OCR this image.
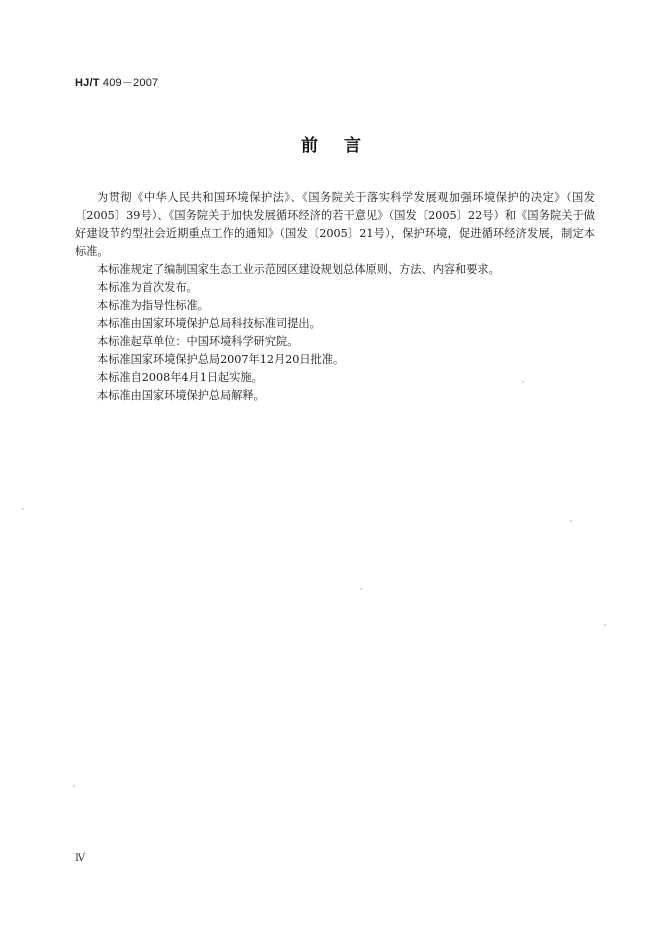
HJ/T 409－2007
前言

为贯彻《中华人民共和国环境保护法》、《国务院关于落实科学发展观加强环境保护的决定》（国发〔2005〕39号）、《国务院关于加快发展循环经济的若干意见》（国发〔2005〕22号）和《国务院关于做好建设节约型社会近期重点工作的通知》（国发〔2005〕21号），保护环境，促进循环经济发展，制定本标准。

本标准规定了编制国家生态工业示范园区建设规划总体原则、方法、内容和要求。

本标准为首次发布。

本标准为指导性标准。

本标准由国家环境保护总局科技标准司提出。

本标准起草单位：中国环境科学研究院。

本标准国家环境保护总局2007年12月20日批准。

本标准自2008年4月1日起实施。

本标准由国家环境保护总局解释。

Ⅳ
